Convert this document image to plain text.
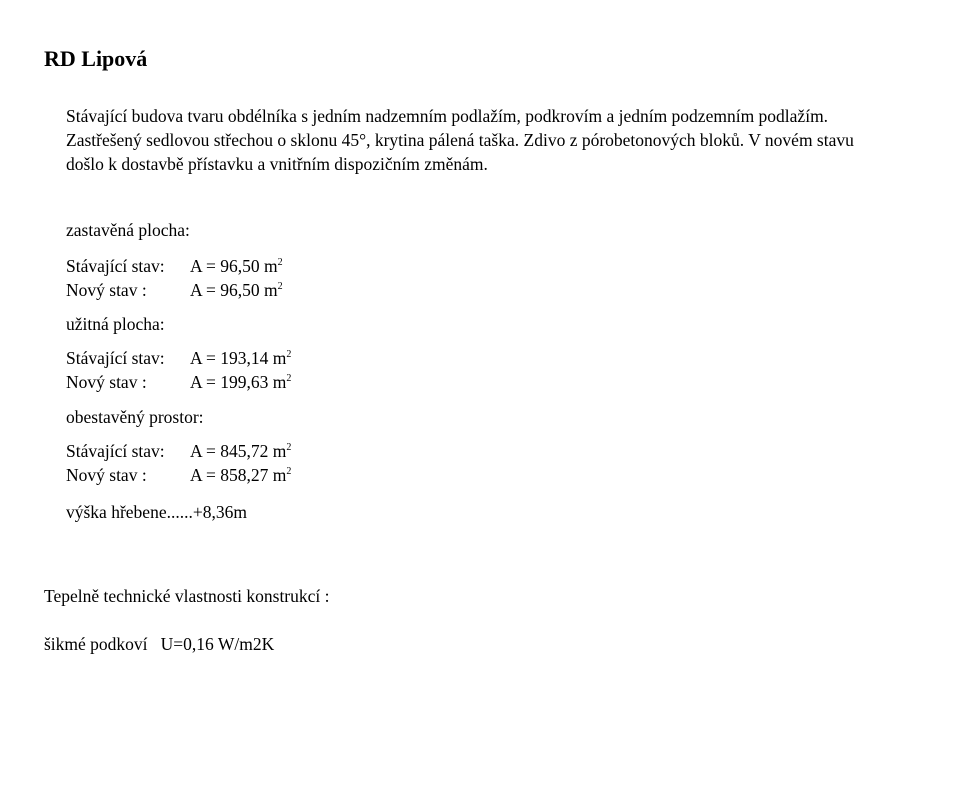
RD Lipová
Stávající budova tvaru obdélníka s jedním nadzemním podlažím, podkrovím a jedním podzemním podlažím. Zastřešený sedlovou střechou o sklonu 45°, krytina pálená taška. Zdivo z pórobetonových bloků. V novém stavu došlo k dostavbě přístavku a vnitřním dispozičním změnám.
zastavěná plocha:
Stávající stav: A = 96,50 $m^2$
Nový stav : A = 96,50 $m^2$
užitná plocha:
Stávající stav: A = 193,14 $m^2$
Nový stav : A = 199,63 $m^2$
obestavěný prostor:
Stávající stav: A = 845,72 $m^2$
Nový stav : A = 858,27 $m^2$
výška hřebene......+8,36m
Tepelně technické vlastnosti konstrukcí :
šikmé podkoví   U=0,16 W/m2K
